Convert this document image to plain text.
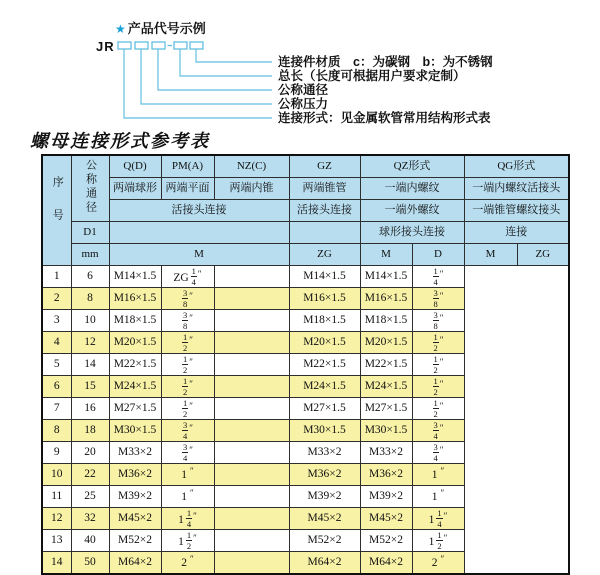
★ 产品代号示例
JR
连接件材质　c：为碳钢　b：为不锈钢
总长（长度可根据用户要求定制）
公称通径
公称压力
连接形式：见金属软管常用结构形式表
螺母连接形式参考表
序号	公称通径	Q(D)	PM(A)	NZ(C)	GZ	QZ形式		QG形式	
		两端球形	两端平面	两端内锥	两端锥管	一端内螺纹		一端内螺纹活接头	
		活接头连接			活接头连接	一端外螺纹		一端锥管螺纹接头	
	D1					球形接头连接		连接	
	mm	M			ZG	M	D	M	ZG
1	6	M14×1.5	ZG $\frac{1}{4} ''$		M14×1.5	M14×1.5	$\frac{1}{4} ''$
2	8	M16×1.5	$\frac{3}{8} ''$		M16×1.5	M16×1.5	$\frac{3}{8} ''$
3	10	M18×1.5	$\frac{3}{8} ''$		M18×1.5	M18×1.5	$\frac{3}{8} ''$
4	12	M20×1.5	$\frac{1}{2} ''$		M20×1.5	M20×1.5	$\frac{1}{2} ''$
5	14	M22×1.5	$\frac{1}{2} ''$		M22×1.5	M22×1.5	$\frac{1}{2} ''$
6	15	M24×1.5	$\frac{1}{2} ''$		M24×1.5	M24×1.5	$\frac{1}{2} ''$
7	16	M27×1.5	$\frac{1}{2} ''$		M27×1.5	M27×1.5	$\frac{1}{2} ''$
8	18	M30×1.5	$\frac{3}{4} ''$		M30×1.5	M30×1.5	$\frac{3}{4} ''$
9	20	M33×2	$\frac{3}{4} ''$		M33×2	M33×2	$\frac{3}{4} ''$
10	22	M36×2	1 ″		M36×2	M36×2	1 ″
11	25	M39×2	1 ″		M39×2	M39×2	1 ″
12	32	M45×2	$1 \frac{1}{4} ''$		M45×2	M45×2	$1 \frac{1}{4} ''$
13	40	M52×2	$1 \frac{1}{2} ''$		M52×2	M52×2	$1 \frac{1}{2} ''$
14	50	M64×2	2 ″		M64×2	M64×2	2 ″
